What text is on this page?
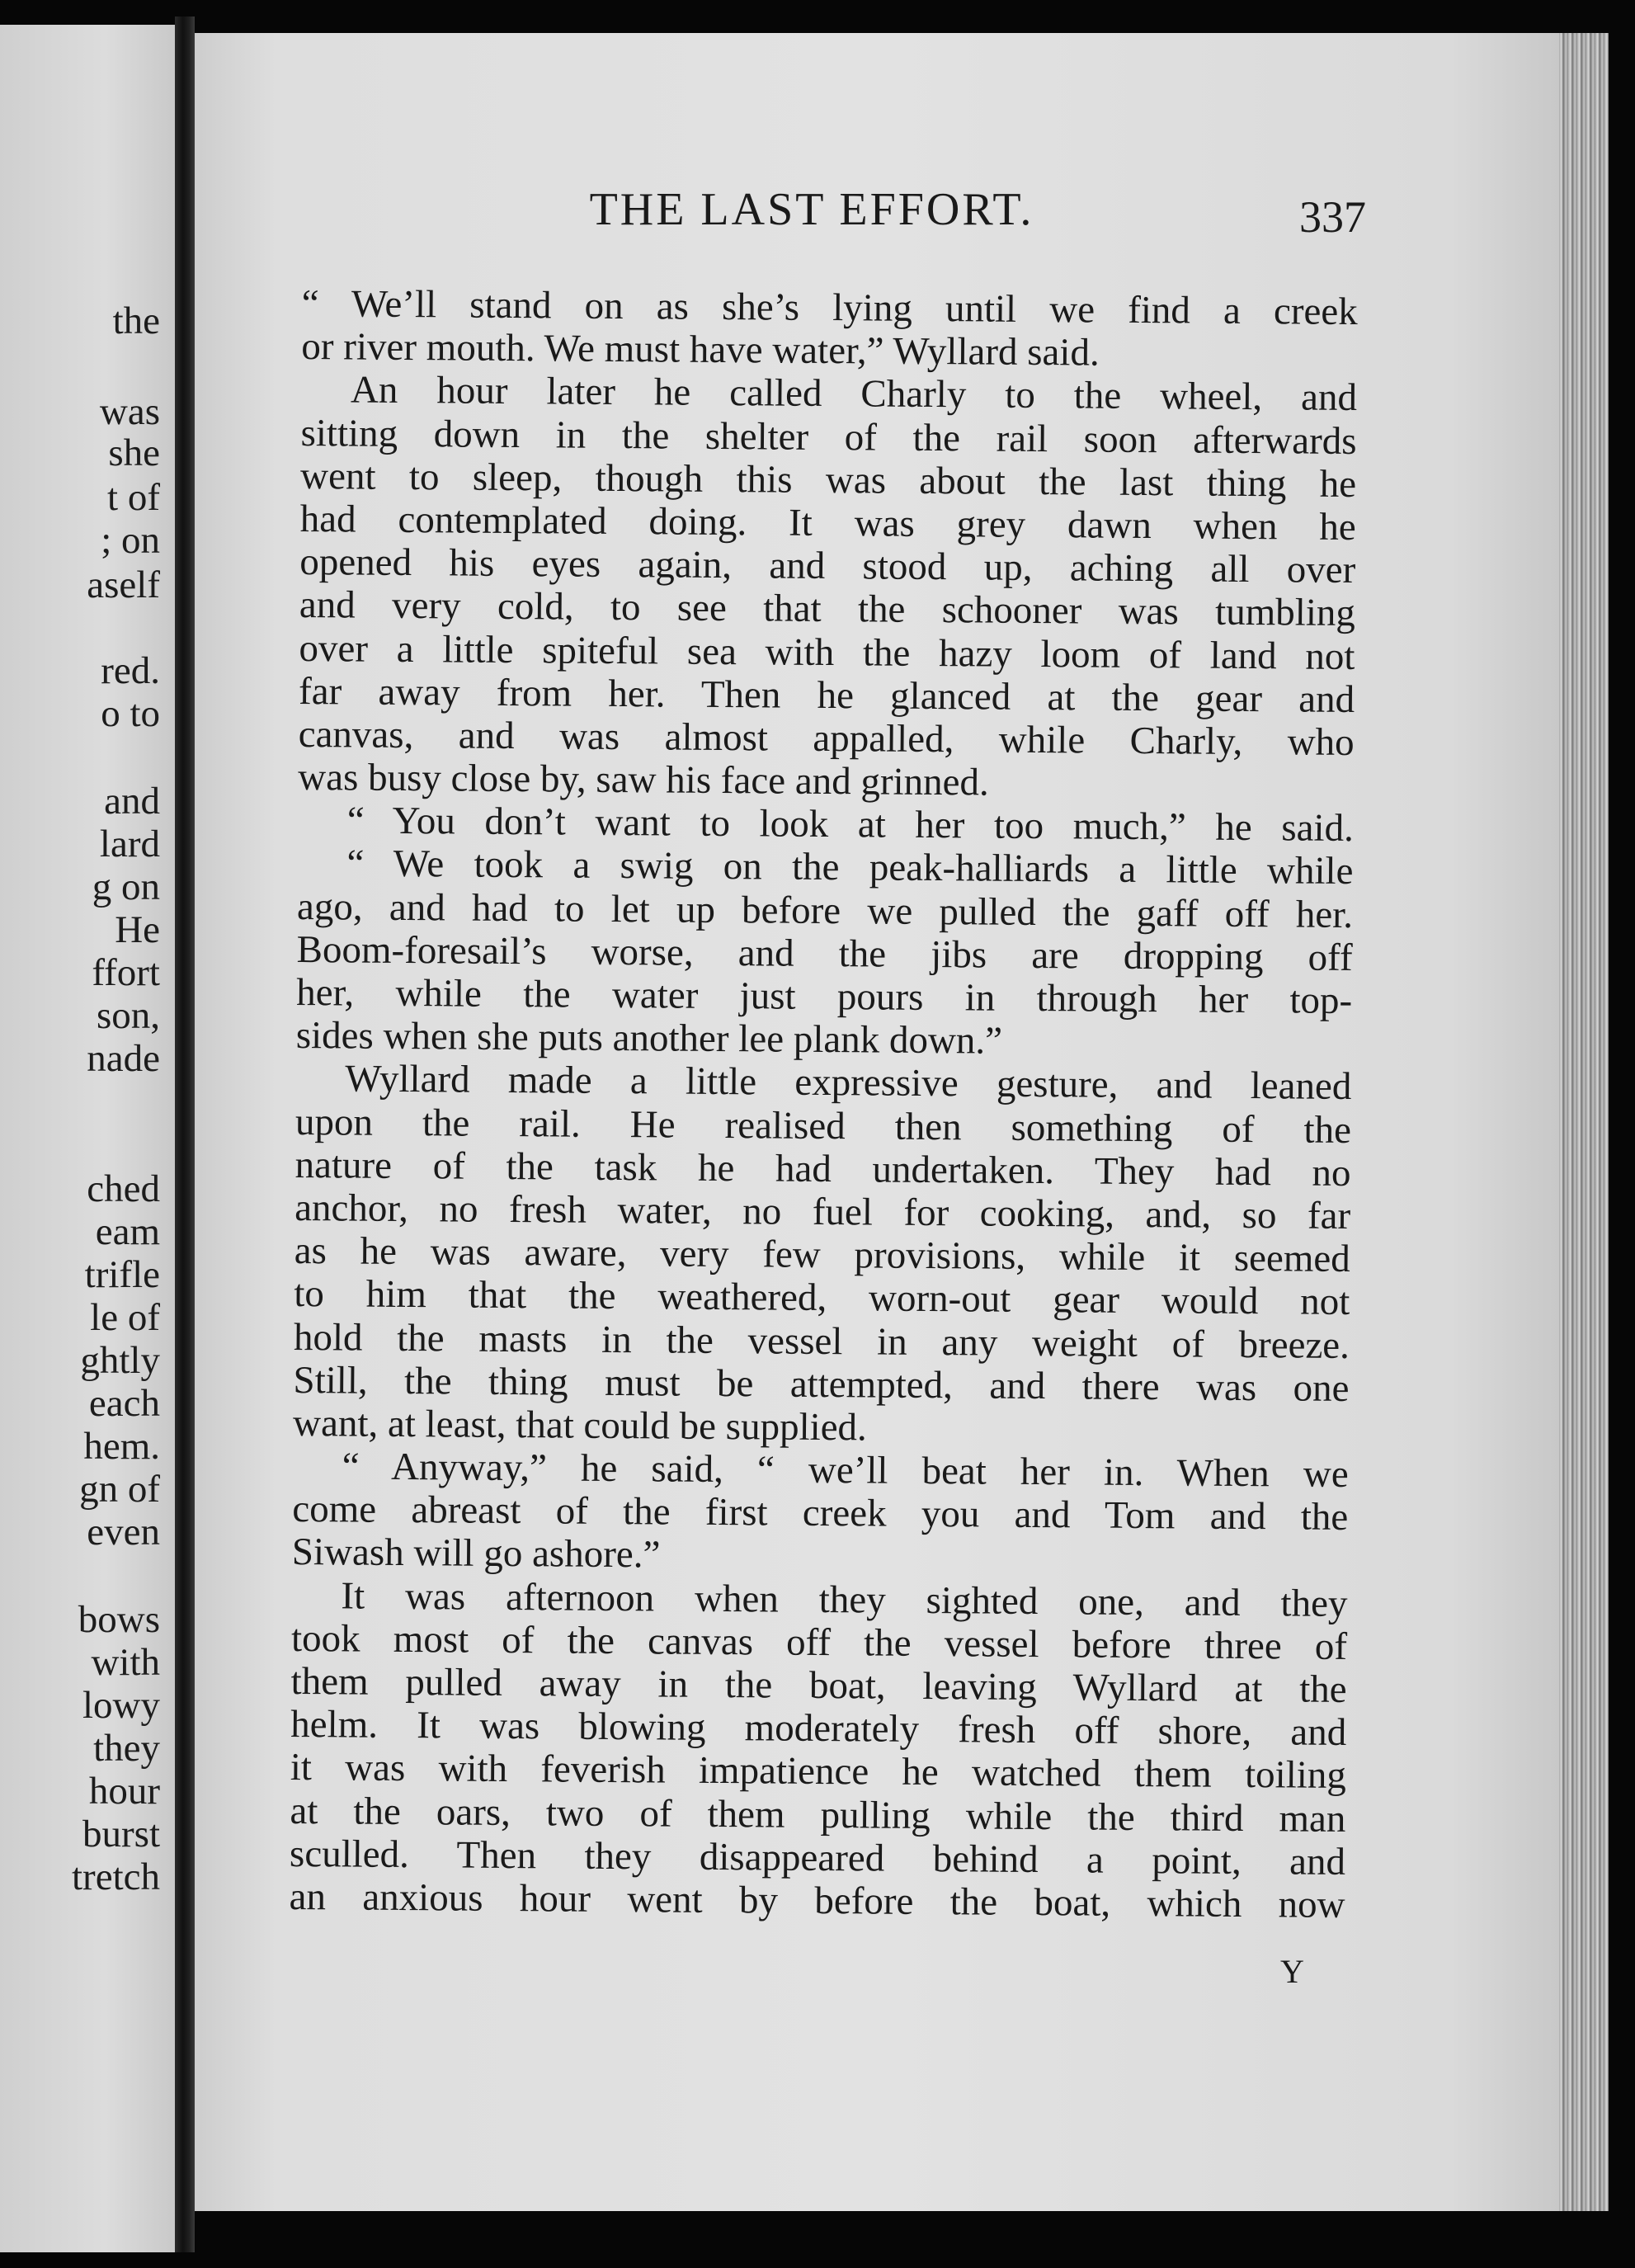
the
was
she
t of
; on
aself
red.
o to
and
lard
g on
He
ffort
son,
nade
ched
eam
trifle
le of
ghtly
each
hem.
gn of
even
bows
with
lowy
they
hour
burst
tretch
THE LAST EFFORT.	337
“ We’ll stand on as she’s lying until we find a creek
or river mouth. We must have water,” Wyllard said.
An hour later he called Charly to the wheel, and
sitting down in the shelter of the rail soon afterwards
went to sleep, though this was about the last thing he
had contemplated doing. It was grey dawn when he
opened his eyes again, and stood up, aching all over
and very cold, to see that the schooner was tumbling
over a little spiteful sea with the hazy loom of land not
far away from her. Then he glanced at the gear and
canvas, and was almost appalled, while Charly, who
was busy close by, saw his face and grinned.
“ You don’t want to look at her too much,” he said.
“ We took a swig on the peak-halliards a little while
ago, and had to let up before we pulled the gaff off her.
Boom-foresail’s worse, and the jibs are dropping off
her, while the water just pours in through her top-
sides when she puts another lee plank down.”
Wyllard made a little expressive gesture, and leaned
upon the rail. He realised then something of the
nature of the task he had undertaken. They had no
anchor, no fresh water, no fuel for cooking, and, so far
as he was aware, very few provisions, while it seemed
to him that the weathered, worn-out gear would not
hold the masts in the vessel in any weight of breeze.
Still, the thing must be attempted, and there was one
want, at least, that could be supplied.
“ Anyway,” he said, “ we’ll beat her in. When we
come abreast of the first creek you and Tom and the
Siwash will go ashore.”
It was afternoon when they sighted one, and they
took most of the canvas off the vessel before three of
them pulled away in the boat, leaving Wyllard at the
helm. It was blowing moderately fresh off shore, and
it was with feverish impatience he watched them toiling
at the oars, two of them pulling while the third man
sculled. Then they disappeared behind a point, and
an anxious hour went by before the boat, which now
Y
